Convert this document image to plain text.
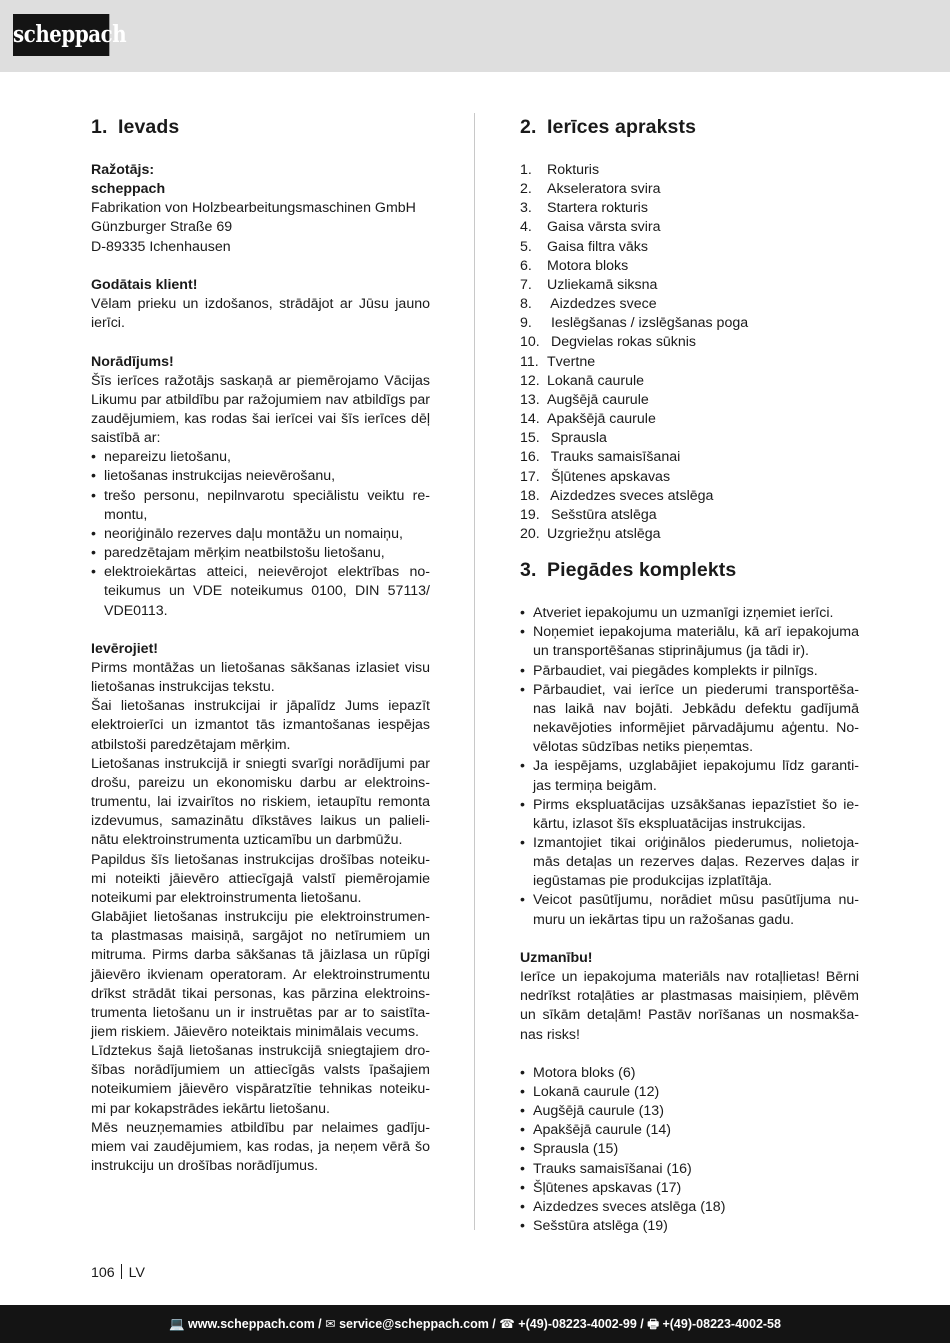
scheppach
1. Ievads

Ražotājs:

scheppach

Fabrikation von Holzbearbeitungsmaschinen GmbH

Günzburger Straße 69

D-89335 Ichenhausen

Godātais klient!

Vēlam prieku un izdošanos, strādājot ar Jūsu jauno ierīci.

Norādījums!

Šīs ierīces ražotājs saskaņā ar piemērojamo Vācijas Likumu par atbildību par ražojumiem nav atbildīgs par zaudējumiem, kas rodas šai ierīcei vai šīs ierīces dēļ saistībā ar:

• nepareizu lietošanu,
• lietošanas instrukcijas neievērošanu,
• trešo personu, nepilnvarotu speciālistu veiktu re-montu,
• neoriģinālo rezerves daļu montāžu un nomaiņu,
• paredzētajam mērķim neatbilstošu lietošanu,
• elektroiekārtas atteici, neievērojot elektrības no-teikumus un VDE noteikumus 0100, DIN 57113/ VDE0113.

Ievērojiet!

Pirms montāžas un lietošanas sākšanas izlasiet visu lietošanas instrukcijas tekstu.

Šai lietošanas instrukcijai ir jāpalīdz Jums iepazīt elektroierīci un izmantot tās izmantošanas iespējas atbilstoši paredzētajam mērķim.

Lietošanas instrukcijā ir sniegti svarīgi norādījumi par drošu, pareizu un ekonomisku darbu ar elektroins-trumentu, lai izvairītos no riskiem, ietaupītu remonta izdevumus, samazinātu dīkstāves laikus un palieli-nātu elektroinstrumenta uzticamību un darbmūžu.

Papildus šīs lietošanas instrukcijas drošības noteiku-mi noteikti jāievēro attiecīgajā valstī piemērojamie noteikumi par elektroinstrumenta lietošanu.

Glabājiet lietošanas instrukciju pie elektroinstrumen-ta plastmasas maisiņā, sargājot no netīrumiem un mitruma. Pirms darba sākšanas tā jāizlasa un rūpīgi jāievēro ikvienam operatoram. Ar elektroinstrumentu drīkst strādāt tikai personas, kas pārzina elektroins-trumenta lietošanu un ir instruētas par ar to saistīta-jiem riskiem. Jāievēro noteiktais minimālais vecums.

Līdztekus šajā lietošanas instrukcijā sniegtajiem dro-šības norādījumiem un attiecīgās valsts īpašajiem noteikumiem jāievēro vispāratzītie tehnikas noteiku-mi par kokapstrādes iekārtu lietošanu.

Mēs neuzņemamies atbildību par nelaimes gadīju-miem vai zaudējumiem, kas rodas, ja neņem vērā šo instrukciju un drošības norādījumus.

2. Ierīces apraksts
1.	Rokturis
2.	Akseleratora svira
3.	Startera rokturis
4.	Gaisa vārsta svira
5.	Gaisa filtra vāks
6.	Motora bloks
7.	Uzliekamā siksna
8.	Aizdedzes svece
9.	Ieslēgšanas / izslēgšanas poga
10. Degvielas rokas sūknis
11. Tvertne
12. Lokanā caurule
13. Augšējā caurule
14. Apakšējā caurule
15. Sprausla
16. Trauks samaisīšanai
17. Šļūtenes apskavas
18. Aizdedzes sveces atslēga
19. Sešstūra atslēga
20. Uzgriežņu atslēga
3. Piegādes komplekts
• Atveriet iepakojumu un uzmanīgi izņemiet ierīci.
• Noņemiet iepakojuma materiālu, kā arī iepakojuma un transportēšanas stiprinājumus (ja tādi ir).
• Pārbaudiet, vai piegādes komplekts ir pilnīgs.
• Pārbaudiet, vai ierīce un piederumi transportēša-nas laikā nav bojāti. Jebkādu defektu gadījumā nekavējoties informējiet pārvadājumu aģentu. No-vēlotas sūdzības netiks pieņemtas.
• Ja iespējams, uzglabājiet iepakojumu līdz garanti-jas termiņa beigām.
• Pirms ekspluatācijas uzsākšanas iepazīstiet šo ie-kārtu, izlasot šīs ekspluatācijas instrukcijas.
• Izmantojiet tikai oriģinālos piederumus, nolietoja-mās detaļas un rezerves daļas. Rezerves daļas ir iegūstamas pie produkcijas izplatītāja.
• Veicot pasūtījumu, norādiet mūsu pasūtījuma nu-muru un iekārtas tipu un ražošanas gadu.

Uzmanību!

Ierīce un iepakojuma materiāls nav rotaļlietas! Bērni nedrīkst rotaļāties ar plastmasas maisiņiem, plēvēm un sīkām detaļām! Pastāv norīšanas un nosmakša-nas risks!

• Motora bloks (6)
• Lokanā caurule (12)
• Augšējā caurule (13)
• Apakšējā caurule (14)
• Sprausla (15)
• Trauks samaisīšanai (16)
• Šļūtenes apskavas (17)
• Aizdedzes sveces atslēga (18)
• Sešstūra atslēga (19)
106 LV
💻 www.scheppach.com / ✉ service@scheppach.com / ☎ +(49)-08223-4002-99 / 🖶 +(49)-08223-4002-58
